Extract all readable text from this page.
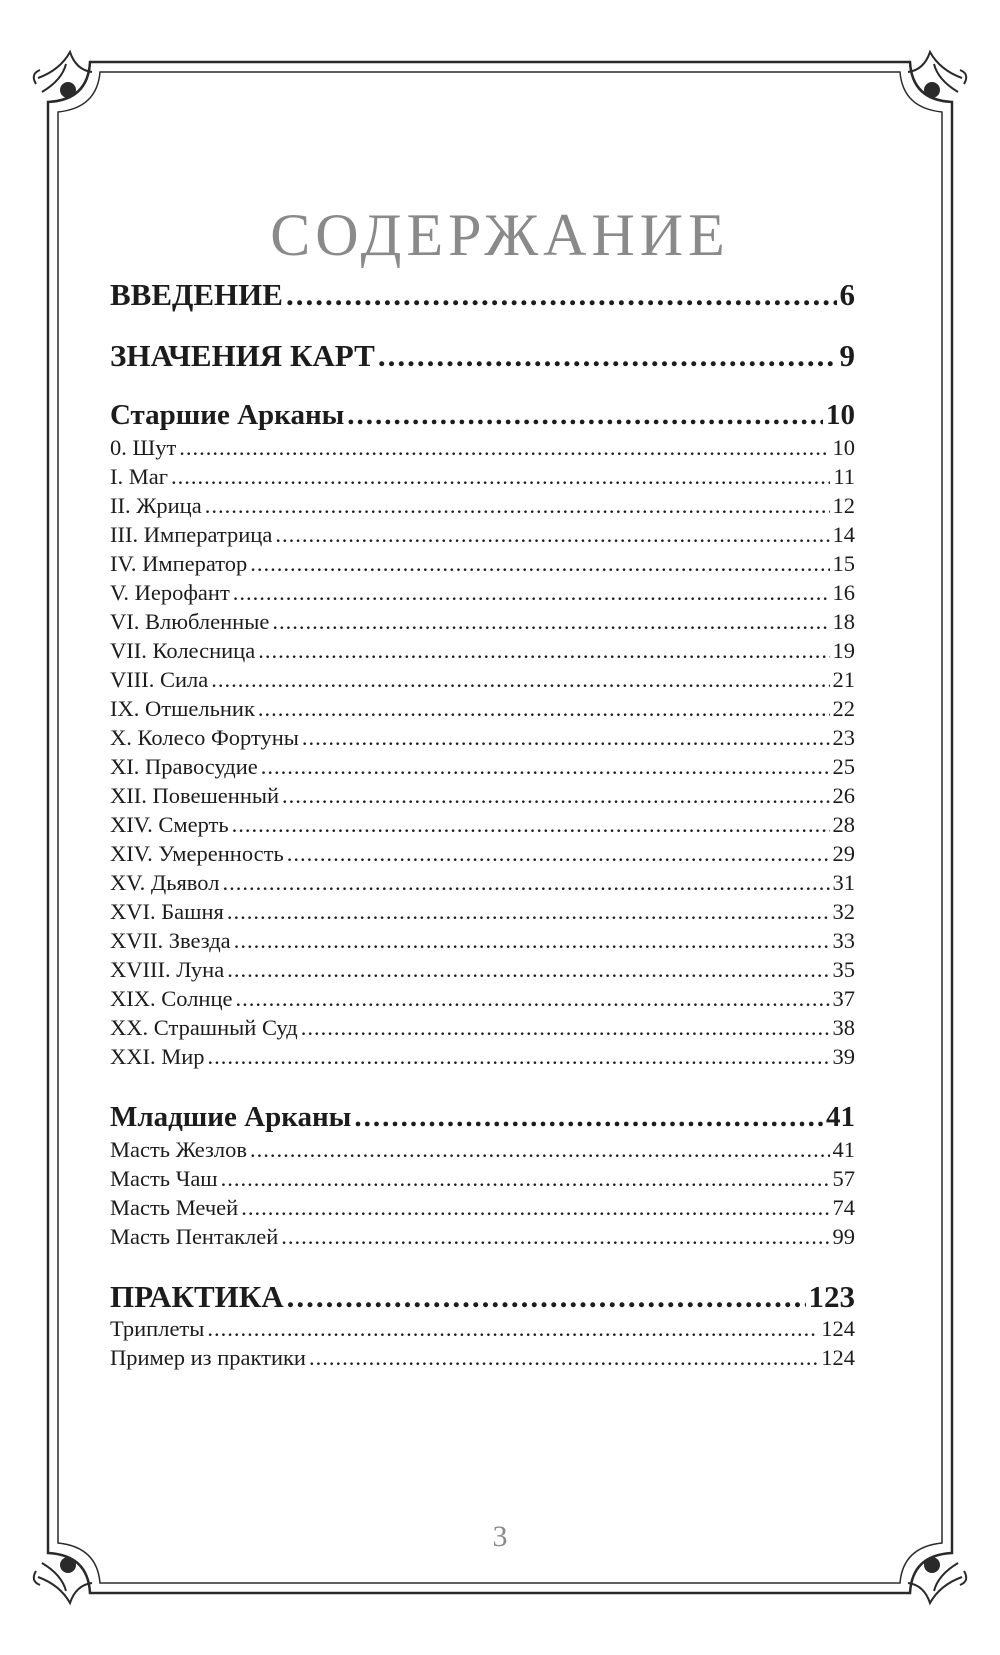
СОДЕРЖАНИЕ
ВВЕДЕНИЕ .....	6
ЗНАЧЕНИЯ КАРТ .....	9
Старшие Арканы .....	10
0. Шут .....	10
I. Маг .....	11
II. Жрица .....	12
III. Императрица .....	14
IV. Император .....	15
V. Иерофант .....	16
VI. Влюбленные .....	18
VII. Колесница .....	19
VIII. Сила .....	21
IX. Отшельник .....	22
X. Колесо Фортуны .....	23
XI. Правосудие .....	25
XII. Повешенный .....	26
XIV. Смерть .....	28
XIV. Умеренность .....	29
XV. Дьявол .....	31
XVI. Башня .....	32
XVII. Звезда .....	33
XVIII. Луна .....	35
XIX. Солнце .....	37
XX. Страшный Суд .....	38
XXI. Мир .....	39
Младшие Арканы .....	41
Масть Жезлов .....	41
Масть Чаш .....	57
Масть Мечей .....	74
Масть Пентаклей .....	99
ПРАКТИКА .....	123
Триплеты .....	124
Пример из практики .....	124
3
